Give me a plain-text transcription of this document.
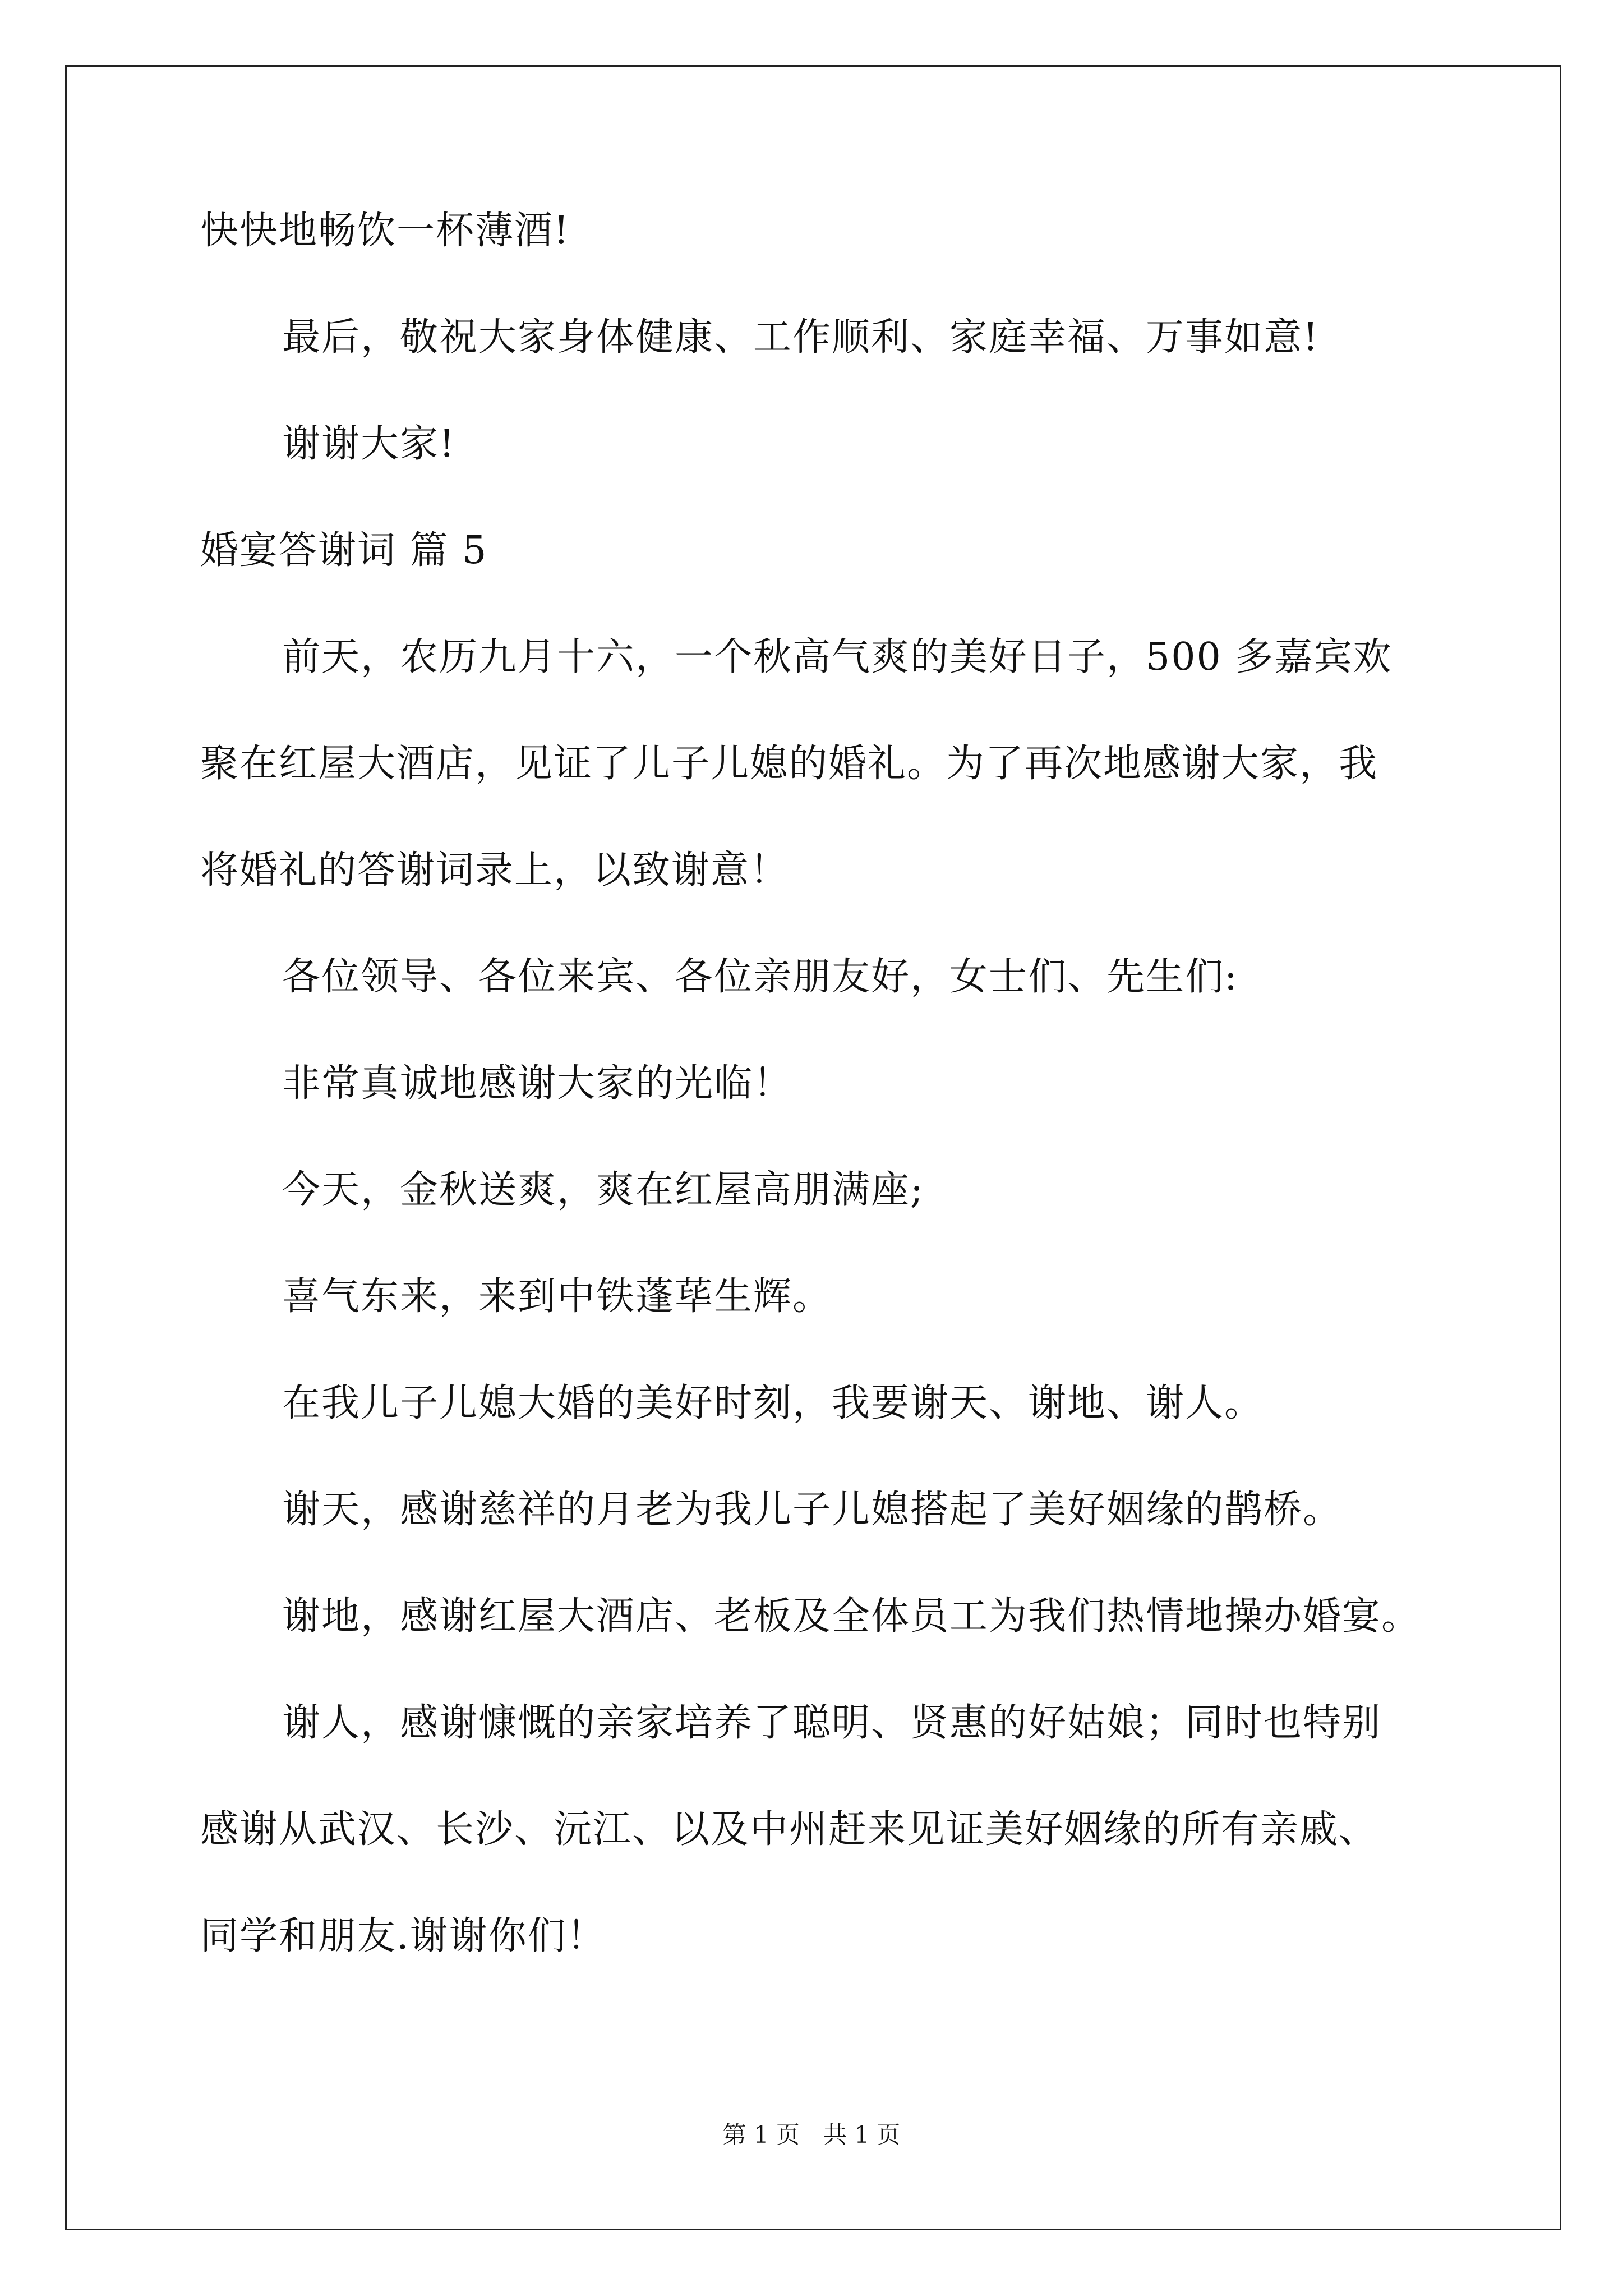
快快地畅饮一杯薄酒!
最后，敬祝大家身体健康、工作顺利、家庭幸福、万事如意!
谢谢大家!
婚宴答谢词 篇 5
前天，农历九月十六，一个秋高气爽的美好日子，500 多嘉宾欢
聚在红屋大酒店，见证了儿子儿媳的婚礼。为了再次地感谢大家，我
将婚礼的答谢词录上，以致谢意！
各位领导、各位来宾、各位亲朋友好，女士们、先生们:
非常真诚地感谢大家的光临！
今天，金秋送爽，爽在红屋高朋满座;
喜气东来，来到中铁蓬荜生辉。
在我儿子儿媳大婚的美好时刻，我要谢天、谢地、谢人。
谢天，感谢慈祥的月老为我儿子儿媳搭起了美好姻缘的鹊桥。
谢地，感谢红屋大酒店、老板及全体员工为我们热情地操办婚宴。
谢人，感谢慷慨的亲家培养了聪明、贤惠的好姑娘；同时也特别
感谢从武汉、长沙、沅江、以及中州赶来见证美好姻缘的所有亲戚、
同学和朋友.谢谢你们！
第 1 页　共 1 页
